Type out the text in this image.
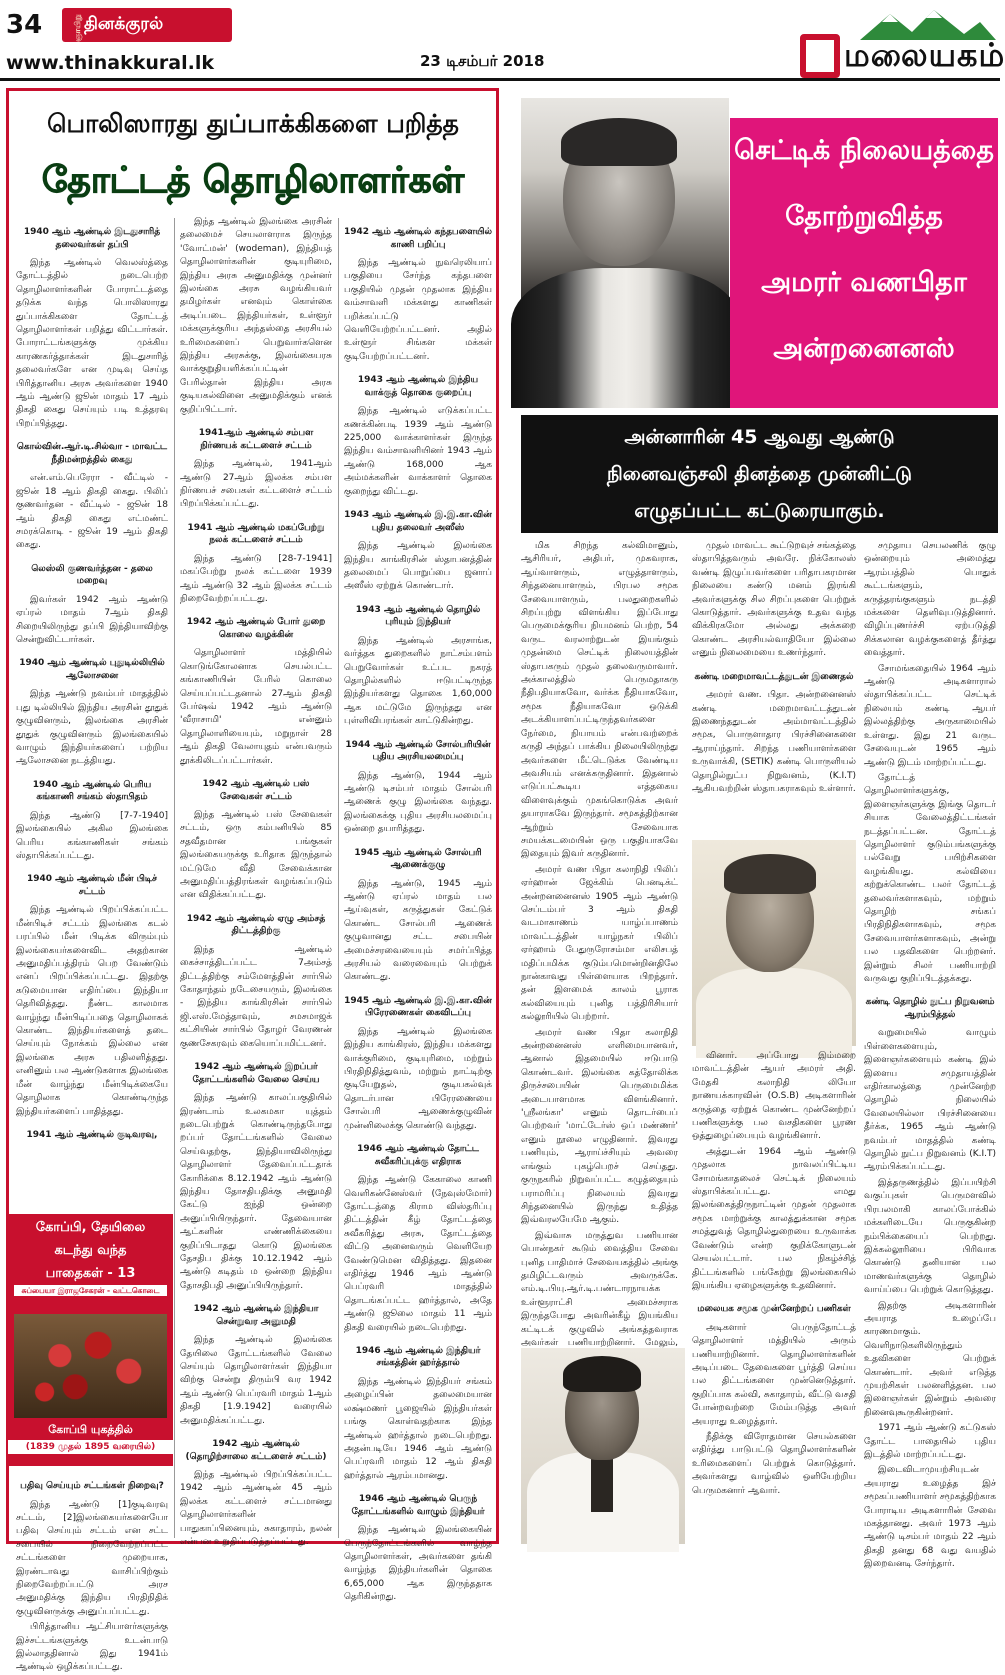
34	ஞாயிறு தினக்குரல்
www.thinakkural.lk	23 டிசம்பர் 2018	மலையகம்
பொலிஸாரது துப்பாக்கிகளை பறித்த
தோட்டத் தொழிலாளர்கள்
1940 ஆம் ஆண்டில் இடதுசாரித் தலைவர்கள் தப்பி

இந்த ஆண்டில் வெலஸ்த்தை தோட்டத்தில் நடைபெற்ற தொழிலாளர்களின் போராட்டத்தை தடுக்க வந்த பொலிஸாரது துப்பாக்கிகளை தோட்டத் தொழிலாளர்கள் பறித்து விட்டார்கள். போராட்டங்களுக்கு முக்கிய காரணகர்த்தாக்கள் இடதுசாரித் தலைவர்களே என முடிவு செய்த பிரித்தானிய அரசு அவர்களை 1940 ஆம் ஆண்டு ஜூன் மாதம் 17 ஆம் திகதி கைது செய்யும் படி உத்தரவு பிறப்பித்தது.

கொல்வின்.ஆர்.டி.சில்வா - மாவட்ட நீதிமன்றத்தில் கைது

என்.எம்.பெரேரா - வீட்டில் - ஜூன் 18 ஆம் திகதி கைது. பிலிப் குணவர்தன - வீட்டில் - ஜூன் 18 ஆம் திகதி கைது எட்மண்ட் சமரக்கொடி - ஜூன் 19 ஆம் திகதி கைது.

லெஸ்லி குணவர்த்தன - தலை மறைவு

இவர்கள் 1942 ஆம் ஆண்டு ஏப்ரல் மாதம் 7ஆம் திகதி சிறையிலிருந்து தப்பி இந்தியாவிற்கு சென்றுவிட்டார்கள்.

1940 ஆம் ஆண்டில் புதுடில்லியில் ஆலோசனை

இந்த ஆண்டு நவம்பர் மாதத்தில் புது டில்லியில் இந்திய அரசின் தூதுக் குழுவினரும், இலங்கை அரசின் தூதுக் குழுவினரும் இலங்கையில் வாழும் இந்தியர்களைப் பற்றிய ஆலோசனை நடத்தியது.

1940 ஆம் ஆண்டில் பெரிய கங்காணி சங்கம் ஸ்தாபிதம்

இந்த ஆண்டு [7-7-1940] இலங்கையில் அகில இலங்கை பெரிய கங்காணிகள் சங்கம் ஸ்தாபிக்கப்பட்டது.

1940 ஆம் ஆண்டில் மீன் பிடிச் சட்டம்

இந்த ஆண்டில் பிறப்பிக்கப்பட்ட மீன்பிடிச் சட்டம் இலங்கை கடல் பரப்பில் மீன் பிடிக்க விரும்பும் இலங்கையர்களைவிட அதற்கான அனுமதிப்பத்திரம் பெற வேண்டும் எனப் பிறப்பிக்கப்பட்டது. இதற்கு கடுமையான எதிர்ப்பை இந்தியா தெரிவித்தது. நீண்ட காலமாக வாழ்ந்து மீன்பிடிப்பதை தொழிலாகக் கொண்ட இந்தியர்களைத் தடை செய்யும் நோக்கம் இல்லை என இலங்கை அரசு பதிலளித்தது. எனினும் பல ஆண்டுகளாக இலங்கை மீன் வாழ்ந்து மீன்பிடிக்கையே தொழிலாக கொண்டிருந்த இந்தியர்களைப் பாதித்தது.

1941 ஆம் ஆண்டில் குடிவரவு,

இந்த ஆண்டில் இலங்கை அரசின் தலைமைச் செயலாளராக இருந்த 'வோட்மன்' (wodeman), இந்தியத் தொழிலாளர்களின் குடியுரிமை, இந்திய அரசு அனுமதிக்கு முன்னர் இலங்கை அரசு வழங்கியவர் தமிழர்கள் எனவும் கொள்கை அடிப்படை இந்தியர்கள், உள்ளூர் மக்களுக்குரிய அந்தஸ்தை அரசியல் உரிமைகளைப் பெறுவார்களென இந்திய அரசுக்கு, இலங்கையரசு வாக்குறுதியளிக்கப்பட்டின் பேரில்தான் இந்திய அரசு குடியகல்வினை அனுமதிக்கும் எனக் குறிப்பிட்டார்.

1941ஆம் ஆண்டில் சம்பள நிர்ணயக் கட்டளைச் சட்டம்

இந்த ஆண்டில், 1941ஆம் ஆண்டு 27ஆம் இலக்க சம்பள நிர்ணயச் சபைகள் கட்டளைச் சட்டம் பிறப்பிக்கப்பட்டது.

1941 ஆம் ஆண்டில் மகப்பேற்று நலக் கட்டளைச் சட்டம்

இந்த ஆண்டு [28-7-1941] மகப்பேற்று நலக் கட்டளை 1939 ஆம் ஆண்டு 32 ஆம் இலக்க சட்டம் நிறைவேற்றப்பட்டது.

1942 ஆம் ஆண்டில் போர் துறை கொலை வழக்கின்

தொழிலாளர் மத்தியில் கொடுங்கோலனாக செயல்பட்ட கங்காணியின் பேரில் கொலை செய்யப்பட்டதனால் 27ஆம் திகதி பேர்ஷவ் 1942 ஆம் ஆண்டு 'வீராசாமி' என்னும் தொழிலாளியையும், மறுநாள் 28 ஆம் திகதி வேலாயுதம் என்பவரும் தூக்கிலிடப்பட்டார்கள்.

1942 ஆம் ஆண்டில் பஸ் சேவைகள் சட்டம்

இந்த ஆண்டில் பஸ் சேவைகள் சட்டம், ஒரு கம்பனியில் 85 சதவீதமான பங்குகள் இலங்கையருக்கு உரிதாக இருந்தால் மட்டுமே வீதி சேவைக்கான அனுமதிப்பத்திரங்கள் வழங்கப்படும் என விதிக்கப்பட்டது.

1942 ஆம் ஆண்டில் ஏழு அம்சத் திட்டத்திற்கு

இந்த ஆண்டில் கைச்சாத்திடப்பட்ட 7அம்சத் திட்டத்திற்கு சம்மேளத்தின் சார்பில் கோதாந்தம் நடேசையரும், இலங்கை - இந்திய காங்கிரசின் சார்பில் ஜி.எஸ்.மேத்தாவும், சமசமாஜக் கட்சியின் சார்பில் தோழர் வேரணன் குணசேகரவும் கையொப்பமிட்டனர்.

1942 ஆம் ஆண்டில் இறப்பர் தோட்டங்களில் வேலை செய்ய

இந்த ஆண்டு காலப்பகுதியில் இரண்டாம் உலகமகா யுத்தம் நடைபெற்றுக் கொண்டிருந்தபோது றப்பர் தோட்டங்களில் வேலை செய்வதற்கு, இந்தியாவிலிருந்து தொழிலாளர் தேவைப்பட்டதாக் கோரிக்கை 8.12.1942 ஆம் ஆண்டு இந்திய தோசதிபதிக்கு அனுமதி கேட்டு ஐந்தி ஒன்றை அனுப்பியிருந்தார். தேவையான ஆட்களின் எண்ணிக்கையை குறிப்பிடாதது கொடு இலங்கை தேசதிப திக்கு 10.12.1942 ஆம் ஆண்டு கடிதம் ம ஒன்றை இந்திய தோசதிபதி அனுப்பியிருந்தார்.

1942 ஆம் ஆண்டில் இந்தியா சென்றுவர அனுமதி

இந்த ஆண்டில் இலங்கை தேயிலை தோட்டங்களில் வேலை செய்யும் தொழிலாளர்கள் இந்தியா விற்கு சென்று திரும்பி வர 1942 ஆம் ஆண்டு பெப்ரவரி மாதம் 1ஆம் திகதி [1.9.1942] வரையில் அனுமதிக்கப்பட்டது.

1942 ஆம் ஆண்டில் (தொழிற்சாலை கட்டளைச் சட்டம்)

இந்த ஆண்டில் பிறப்பிக்கப்பட்ட 1942 ஆம் ஆண்டின் 45 ஆம் இலக்க கட்டளைச் சட்டமானது தொழிலாளர்களின் பாதுகாப்பினையும், சுகாதாரம், நலன் என்பன உறுதிப்படுத்தப்பட்டது.

1942 ஆம் ஆண்டில் கந்தபளையில் காணி பறிப்பு

இந்த ஆண்டில் நுவரெலியாப் பகுதியை சேர்ந்த கந்தபளை பகுதியில் முதன் முதலாக இந்திய வம்சாவளி மக்களது காணிகள் பறிக்கப்பட்டு வெளியேற்றப்பட்டனர். அதில் உள்ளூர் சிங்கள மக்கள் குடியேற்றப்பட்டனர்.

1943 ஆம் ஆண்டில் இந்திய வாக்குத் தொகை குறைப்பு

இந்த ஆண்டில் எடுக்கப்பட்ட கணக்கின்படி 1939 ஆம் ஆண்டு 225,000 வாக்காளர்கள் இருந்த இந்திய வம்சாவளியினர் 1943 ஆம் ஆண்டு 168,000 ஆக அம்மக்களின் வாக்காளர் தொகை குறைந்து விட்டது.

1943 ஆம் ஆண்டில் இ.இ.கா.வின் புதிய தலைவர் அஸீஸ்

இந்த ஆண்டில் இலங்கை இந்திய காங்கிரசின் ஸ்தாபனத்தின் தலைமைப் பொறுப்பை ஜனாப் அஸீஸ் ஏற்றுக் கொண்டார்.

1943 ஆம் ஆண்டில் தொழில் புரியும் இந்தியர்

இந்த ஆண்டில் அரசாங்க, வர்த்தக துறைகளில் நாட்சம்பளம் பெறுவோர்கள் உட்பட நகரத் தொழில்களில் ஈடுபட்டிருந்த இந்தியர்களது தொகை 1,60,000 ஆக மட்டுமே இருந்தது என புள்ளிவிபரங்கள் காட்டுகின்றது.

1944 ஆம் ஆண்டில் சோல்பரியின் புதிய அரசியலமைப்பு

இந்த ஆண்டு, 1944 ஆம் ஆண்டு டிசம்பர் மாதம் சோல்பரி ஆணைக் குழு இலங்கை வந்தது. இலங்கைக்கு புதிய அரசியலமைப்பு ஒன்றை தயாரித்தது.

1945 ஆம் ஆண்டில் சோல்பரி ஆணைக்குழு

இந்த ஆண்டு, 1945 ஆம் ஆண்டு ஏப்ரல் மாதம் பல ஆய்வுகள், கருத்துகள் கேட்டுக் கொண்ட சோல்பரி ஆணைக் குழுவானது சட்ட சபையின் அமைச்சரவையையும் சமர்ப்பித்த அரசியல் வரைவையும் பெற்றுக் கொண்டது.

1945 ஆம் ஆண்டில் இ.இ.கா.வின் பிரேரணைகள் கைவிடப்பு

இந்த ஆண்டில் இலங்கை இந்திய காங்கிரஸ், இந்திய மக்களது வாக்குரிமை, குடியுரிமை, மற்றும் பிரதிநிதித்துவம், மற்றும் நாட்டிற்கு குடியேறுதல், குடியகல்வுக் தொடர்பான பிரேரணையை சோல்பரி ஆணைக்குழுவின் முன்னிலைக்கு கொண்டு வந்தது.

1946 ஆம் ஆண்டில் தோட்ட சுவீகரிப்புக்கு எதிராக

இந்த ஆண்டு கேகாலை காணி வெளிகன்னேஸ்வர் (நேவுஸ்மோர்) தோட்டத்தை கிராம விஸ்தரிப்பு திட்டத்தின் கீழ் தோட்டத்தை சுவீகரித்து அரசு, தோட்டத்தை விட்டு அனைவரும் வெளியேற வேண்டுமென விதித்தது. இதனை எதிர்த்து 1946 ஆம் ஆண்டு பெப்ரவரி மாதத்தில் தொடங்கப்பட்ட ஹர்த்தால், அதே ஆண்டு ஜூலை மாதம் 11 ஆம் திகதி வரையில் நடைபெற்றது.

1946 ஆம் ஆண்டில் இந்தியர் சங்கத்தின் ஹர்த்தால்

இந்த ஆண்டில் இந்தியர் சங்கம் அழைப்பின் தலைமையான லக்ஷ்மணர் பூஜையில் இந்தியர்கள் பங்கு கொள்வதற்காக இந்த ஆண்டில் ஹர்த்தால் நடைபெற்றது. அதன்படியே 1946 ஆம் ஆண்டு பெப்ரவரி மாதம் 12 ஆம் திகதி ஹர்த்தால் ஆரம்பமானது.

1946 ஆம் ஆண்டில் பெருந் தோட்டங்களில் வாழும் இந்தியர்

இந்த ஆண்டில் இலங்கையின் பெருந்தோட்டங்களில் வாழ்ந்த தொழிலாளர்கள், அவர்களை தங்கி வாழ்ந்த இந்தியர்களின் தொகை 6,65,000 ஆக இருந்ததாக தெரிகின்றது.

கோப்பி, தேயிலை
கடந்து வந்த
பாதைகள் - 13
சுப்பையா இராஜசேகரன் - வட்டகொடை
கோப்பி யுகத்தில்
(1839 முதல் 1895 வரையில்)
பதிவு செய்யும் சட்டங்கள் நிறைவு?

இந்த ஆண்டு [1]குடிவரவு சட்டம், [2]இலங்கையர்களையோ பதிவு செய்யும் சட்டம் என சட்ட சபையில் நிறைவேற்றப்பட்ட சட்டங்களை முறையாக, இரண்டாவது வாசிப்பிற்கும் நிறைவேற்றப்பட்டு அரச அனுமதிக்கு இந்திய பிரதிநிதிக் குழுவினருக்கு அனுப்பப்பட்டது.

பிரித்தானிய ஆட்சியாளர்களுக்கு இச்சட்டங்களுக்கு உடன்பாடு இல்லாததினால் இது 1941ம் ஆண்டில் ஒழிக்கப்பட்டது.

செட்டிக் நிலையத்தை
தோற்றுவித்த
அமரர் வணபிதா
அன்றனைனஸ்
அன்னாரின் 45 ஆவது ஆண்டு
நினைவஞ்சலி தினத்தை முன்னிட்டு
எழுதப்பட்ட கட்டுரையாகும்.

மிக சிறந்த கல்விமானும், ஆசிரியர், அதிபர், முகவராக, ஆய்வாளரும், எழுத்தாளரும், சிந்தனையாளரும், பிரபல சமூக சேவையாளரும், பலதுறைகளில் சிறப்புற்று விளங்கிய இப்போது பெருமைக்குரிய நியமனம் பெற்ற, 54 வருட வரலாற்றுடன் இயங்கும் முதன்மை செட்டிக் நிலையத்தின் ஸ்தாபகரும் முதல் தலைவருமாவார். அக்காலத்தில் பெருமதாகரு நீதிபதியாகவோ, வர்க்க நீதியாகவோ, சமூக நீதியாகவோ ஒடுக்கி அடக்கியாளப்பட்டிருந்தவர்களை நேர்மை, நியாயம் என்பவற்றைக் கருதி அந்தப் பாக்கிய நிலையிலிருந்து அவர்களை மீட்டெடுக்க வேண்டிய அவசியம் எனக்கருதினார். இதனால் எடுப்பட்கூடிய எத்தகைய விளைவுக்கும் முகங்கொடுக்க அவர் தயாராகவே இருந்தார். சமூகத்திற்கான ஆற்றும் சேவையாக சமயக்கடமையின் ஒரு பகுதியாகவே இதையும் இவர் கருதினார்.

அமரர் வண பிதா கலாநிதி பிலிப் ஏர்ஹான் ஜேக்கிம் பெனடிக்ட் அன்றனனைனஸ் 1905 ஆம் ஆண்டு செப்டம்பர் 3 ஆம் திகதி வடமாகாணம் யாழ்ப்பாணம் மாவட்டத்தின் யாழ்நகர் பிலிப் ஏர்ஹாம் பேதுருரோசம்மா எலிசபத் மதிப்பமிக்க குடும்பமொன்றினதிலே நான்காவது பிள்ளையாக பிறந்தார். தன் இளமைக் காலம் பூராக கல்வியையும் புனித பத்திரிசியார் கல்லூரியில் பெற்றார்.

அமரர் வண பிதா கலாநிதி அன்றனைனஸ் எளிமையானவர், ஆனால் இதமையில் ஈடுபாடு கொண்டவர். இலங்கை கத்தோலிக்க திருச்சபையின் பெருமைமிக்க அடையாளமாக விளங்கினார். 'ஸ்ரீலங்கா' எனும் தொடர்பைப் பெற்றவர் 'மாட்டேர்ஸ் ஒப் மண்ணர்' எனும் நூலை எழுதினார். இவரது பணியும், ஆராய்ச்சியும் அவரை எங்கும் புகழ்பெறச் செய்தது. குருநகரில் நிறுவப்பட்ட கழுத்தையும் பராமரிப்பு நிலையம் இவரது சிந்தனையில் இருந்து உதித்த இவ்வரலயேமே ஆகும்.

இவ்வாசு மருத்துவ பணியான பொன்நகர் கூடும் வைத்திய சேவை புனித பாதிமாச் சேவையகத்தில் அங்கு தமிழிட்டவரும் அவருக்கே. எம்.டி.பியு.ஆர்.டி.பண்டாரநாயக்க உள்ளூராட்சி அமைச்சராக இருந்தபோது அவரின்கீழ் இயங்கிய கட்டிடக் குழுவில் அங்கத்தவராக அவர்கள் பணியாற்றினார். மேலும்,

முதல் மாவட்ட கூட்டுறவுச் சங்கத்தை ஸ்தாபித்தவரும் அவரே. நிக்கோலஸ் வண்டி இழுப்பவர்களை பரிதாபகரமான நிலையை கண்டு மனம் இரங்கி அவர்களுக்கு சில சிறப்புகளை பெற்றுக் கொடுத்தார். அவர்களுக்கு உதவ வந்த விக்கிரகமோ அல்லது அக்கறை கொண்ட அரசியல்வாதியோ இல்லை எனும் நிலைமையை உணர்ந்தார்.

கண்டி மறைமாவட்டத்துடன் இணைதல்

அமரர் வண. பிதா. அன்றனைனஸ் கண்டி மறைமாவட்டத்துடன் இணைந்ததுடன் அம்மாவட்டத்தில் சமூக, பொருளாதார பிரச்சினைகளை ஆராய்ந்தார். சிறந்த பணியாளர்களை உருவாக்கி, (SETIK) கண்டி பொருளியல் தொழில்நுட்ப நிறுவனம், (K.I.T) ஆகியவற்றின் ஸ்தாபகராகவும் உள்ளார்.

வினார். அப்போது இம்மறை மாவட்டத்தின் ஆயர் அமரர் அதி. மேதகி கலாநிதி லியோ நாணயக்காரவின் (O.S.B) அடிகளாரின் கருத்தை ஏற்றுக் கொண்ட முன்னேற்றப் பணிகளுக்கு பல வசதிகளை பூரண ஒத்துழைப்பையும் வழங்கினார்.

அத்துடன் 1964 ஆம் ஆண்டு முதலாக நாவலப்பிட்டிய சோமங்காதலைச் செட்டிக் நிலையம் ஸ்தாபிக்கப்பட்டது. எமது இலங்கைத்திருநாட்டின் முதன் முதலாக சமூக மாற்றுக்கு காலத்துக்கான சமூக சமத்துவத் தொழில்துறையை உருவாக்க வேண்டும் என்ற குறிக்கோளுடன் செயல்பட்டார். பல நிகழ்ச்சித் திட்டங்களில் பங்கேற்று இலங்கையில் இயங்கிய ஏழைகளுக்கு உதவினார்.

மலையக சமூக முன்னேற்றப் பணிகள்

அடிகளார் பெருந்தோட்டத் தொழிலாளர் மத்தியில் அரும் பணியாற்றினார். தொழிலாளர்களின் அடிப்படை தேவைகளை பூர்த்தி செய்ய பல திட்டங்களை முன்னெடுத்தார். குறிப்பாக கல்வி, சுகாதாரம், வீட்டு வசதி போன்றவற்றை மேம்படுத்த அவர் அயராது உழைத்தார்.

நீதிக்கு விரோதமான செயல்களை எதிர்த்து பாடுபட்டு தொழிலாளர்களின் உரிமைகளைப் பெற்றுக் கொடுத்தார். அவர்களது வாழ்வில் ஒளியேற்றிய பெருமகனார் ஆவார்.

சமுதாய செயலணிக் குழு ஒன்றையும் அமைத்து ஆரம்பத்தில் பொதுக் கூட்டங்களும், கருத்தரங்குகளும் நடத்தி மக்களை தெளிவுபடுத்தினார். விழிப்புணர்ச்சி ஏற்படுத்தி சிக்கலான வழக்குகளைத் தீர்த்து வைத்தார்.

சோமங்கதையில் 1964 ஆம் ஆண்டு அடிகளாரால் ஸ்தாபிக்கப்பட்ட செட்டிக் நிலையம் கண்டி ஆயர் இல்லத்திற்கு அருகாமையில் உள்ளது. இது 21 வருட சேவையுடன் 1965 ஆம் ஆண்டு இடம் மாற்றப்பட்டது.

தோட்டத் தொழிலாளர்களுக்கு, இளைஞர்களுக்கு இங்கு தொடர் சியாக வேலைத்திட்டங்கள் நடத்தப்பட்டன. தோட்டத் தொழிலாளர் குடும்பங்களுக்கு பல்வேறு பயிற்சிகளை வழங்கியது. கல்வியை கற்றுக்கொண்ட பலர் தோட்டத் தலைவர்களாகவும், மற்றும் தொழிற் சங்கப் பிரதிநிதிகளாகவும், சமூக சேவையாளர்களாகவும், அன்று பல பதவிகளை பெற்றனர். இன்றும் சிலர் பணியாற்றி வருவது குறிப்பிடத்தக்கது.

கண்டி தொழில் நுட்ப நிறுவனம் ஆரம்பித்தல்

வறுமையில் வாழும் பிள்ளைகளையும், இளைஞர்களையும் கண்டி இல் இளைய சமுதாயத்தின் எதிர்காலத்தை முன்னேற்ற தொழில் நிலையில் வேலையில்லா பிரச்சினையை தீர்க்க, 1965 ஆம் ஆண்டு நவம்பர் மாதத்தில் கண்டி தொழில் நுட்ப நிறுவனம் (K.I.T) ஆரம்பிக்கப்பட்டது.

இத்தருணத்தில் இப்பயிற்சி வகுப்புகள் பெருமளவில் பிரபலமாகி காலப்போக்கில் மக்களிடையே பெருகுகின்ற நம்பிக்கையைப் பெற்றது. இக்கல்லூரியை பிரிவாக கொண்டு தனியான பல மாணவர்களுக்கு தொழில் வாய்ப்பை பெற்றுக் கொடுத்தது.

இதற்கு அடிகளாரின் அயராத உழைப்பே காரணமாகும். வெளிநாடுகளிலிருந்தும் உதவிகளை பெற்றுக் கொண்டார். அவர் எடுத்த முயற்சிகள் பலனளித்தன. பல இளைஞர்கள் இன்றும் அவரை நினைவுகூருகின்றனர்.

1971 ஆம் ஆண்டு கட்டுகஸ் தோட்ட பாதையில் புதிய இடத்தில் மாற்றப்பட்டது.

இடைவிடாமுயற்சியுடன் அயராது உழைத்த இச் சமூகப்பணியாளர் சமூகத்திற்காக போராடிய அடிகளாரின் சேவை மகத்தானது. அவர் 1973 ஆம் ஆண்டு டிசம்பர் மாதம் 22 ஆம் திகதி தனது 68 வது வயதில் இறைவனடி சேர்ந்தார்.
